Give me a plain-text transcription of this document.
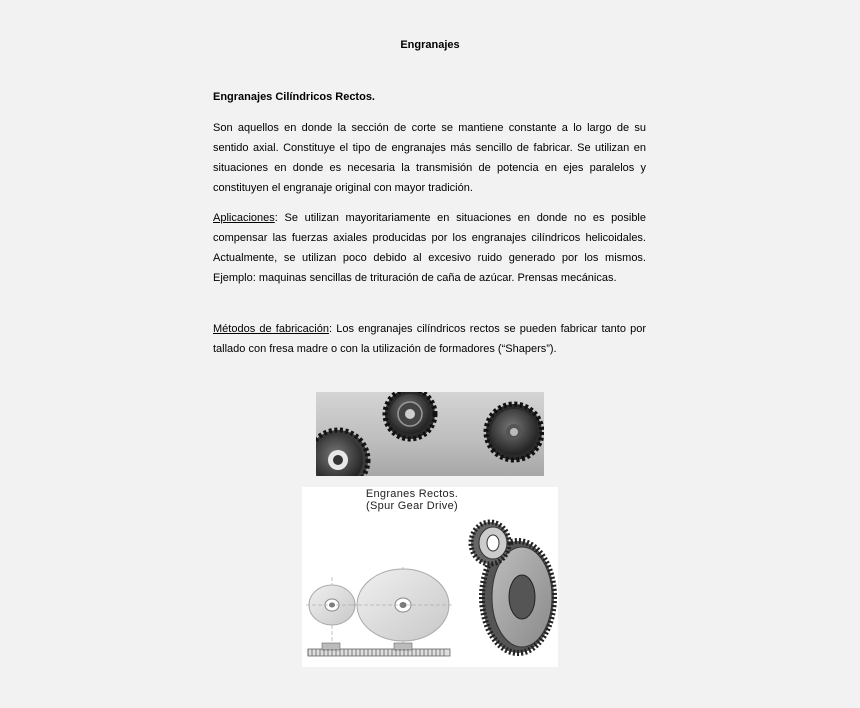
Engranajes
Engranajes Cilíndricos Rectos.

Son aquellos en donde la sección de corte se mantiene constante a lo largo de su sentido axial. Constituye el tipo de engranajes más sencillo de fabricar. Se utilizan en situaciones en donde es necesaria la transmisión de potencia en ejes paralelos y constituyen el engranaje original con mayor tradición.

Aplicaciones: Se utilizan mayoritariamente en situaciones en donde no es posible compensar las fuerzas axiales producidas por los engranajes cilíndricos helicoidales. Actualmente, se utilizan poco debido al excesivo ruido generado por los mismos. Ejemplo: maquinas sencillas de trituración de caña de azúcar. Prensas mecánicas.

Métodos de fabricación: Los engranajes cilíndricos rectos se pueden fabricar tanto por tallado con fresa madre o con la utilización de formadores (“Shapers”).

Engranes Rectos.
(Spur Gear Drive)
